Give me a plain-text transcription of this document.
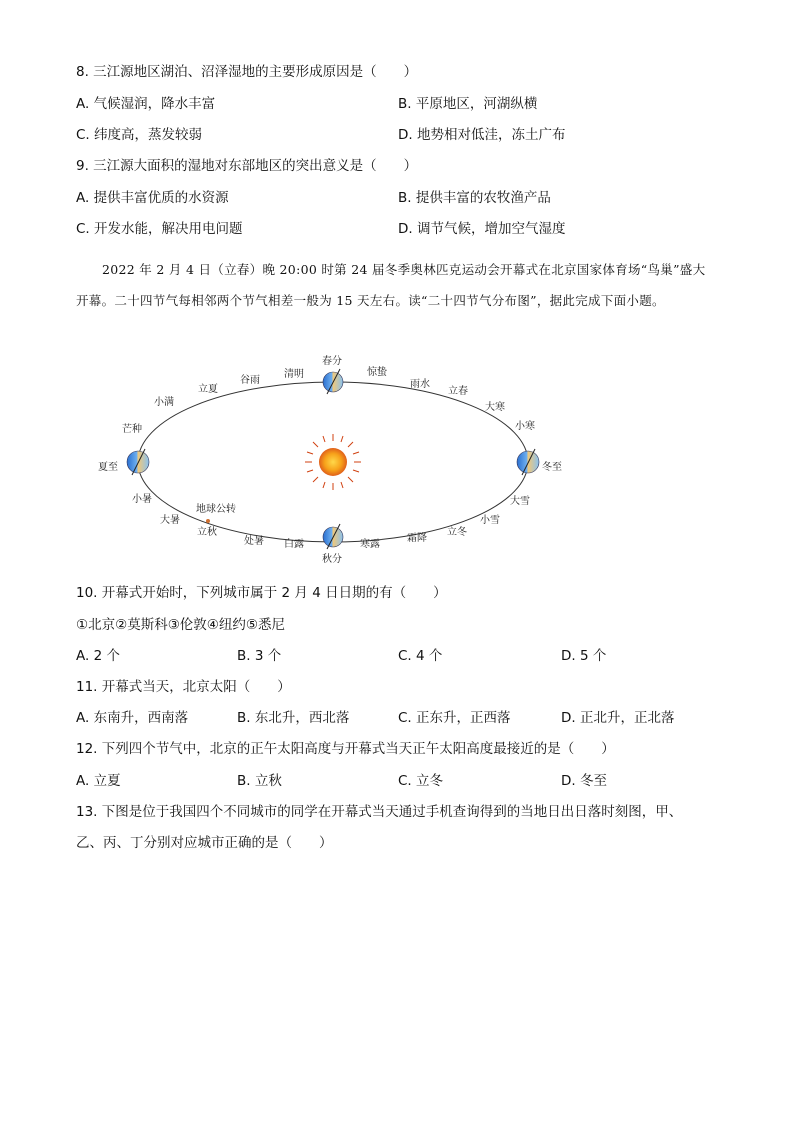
8. 三江源地区湖泊、沼泽湿地的主要形成原因是（　　）
A. 气候湿润，降水丰富	B. 平原地区，河湖纵横
C. 纬度高，蒸发较弱	D. 地势相对低洼，冻土广布
9. 三江源大面积的湿地对东部地区的突出意义是（　　）
A. 提供丰富优质的水资源	B. 提供丰富的农牧渔产品
C. 开发水能，解决用电问题	D. 调节气候，增加空气湿度
2022 年 2 月 4 日（立春）晚 20:00 时第 24 届冬季奥林匹克运动会开幕式在北京国家体育场“鸟巢”盛大开幕。二十四节气每相邻两个节气相差一般为 15 天左右。读“二十四节气分布图”，据此完成下面小题。
地球公转
春分
惊蛰
雨水
立春
大寒
小寒
冬至
大雪
小雪
立冬
霜降
寒露
秋分
白露
处暑
立秋
大暑
小暑
夏至
芒种
小满
立夏
谷雨
清明
10. 开幕式开始时，下列城市属于 2 月 4 日日期的有（　　）
①北京②莫斯科③伦敦④纽约⑤悉尼
A. 2 个	B. 3 个	C. 4 个	D. 5 个
11. 开幕式当天，北京太阳（　　）
A. 东南升，西南落	B. 东北升，西北落	C. 正东升，正西落	D. 正北升，正北落
12. 下列四个节气中，北京的正午太阳高度与开幕式当天正午太阳高度最接近的是（　　）
A. 立夏	B. 立秋	C. 立冬	D. 冬至
13. 下图是位于我国四个不同城市的同学在开幕式当天通过手机查询得到的当地日出日落时刻图，甲、
乙、丙、丁分别对应城市正确的是（　　）
